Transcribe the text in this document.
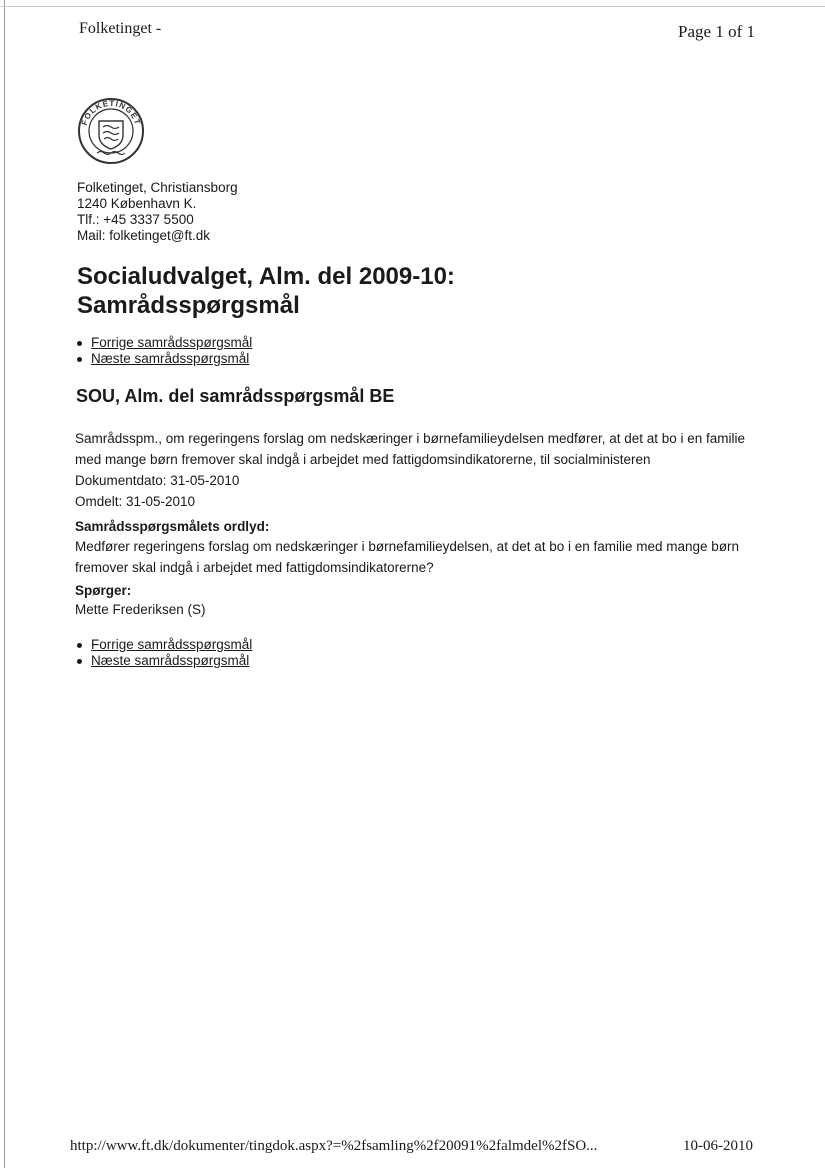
Folketinget -	Page 1 of 1
FOLKETINGET
Folketinget, Christiansborg
1240 København K.
Tlf.: +45 3337 5500
Mail: folketinget@ft.dk
Socialudvalget, Alm. del 2009-10:
Samrådsspørgsmål
Forrige samrådsspørgsmål
Næste samrådsspørgsmål
SOU, Alm. del samrådsspørgsmål BE

Samrådsspm., om regeringens forslag om nedskæringer i børnefamilieydelsen medfører, at det at bo i en familie med mange børn fremover skal indgå i arbejdet med fattigdomsindikatorerne, til socialministeren

Dokumentdato: 31-05-2010

Omdelt: 31-05-2010

Samrådsspørgsmålets ordlyd:

Medfører regeringens forslag om nedskæringer i børnefamilieydelsen, at det at bo i en familie med mange børn fremover skal indgå i arbejdet med fattigdomsindikatorerne?

Spørger:

Mette Frederiksen (S)

Forrige samrådsspørgsmål
Næste samrådsspørgsmål
http://www.ft.dk/dokumenter/tingdok.aspx?=%2fsamling%2f20091%2falmdel%2fSO...	10-06-2010
